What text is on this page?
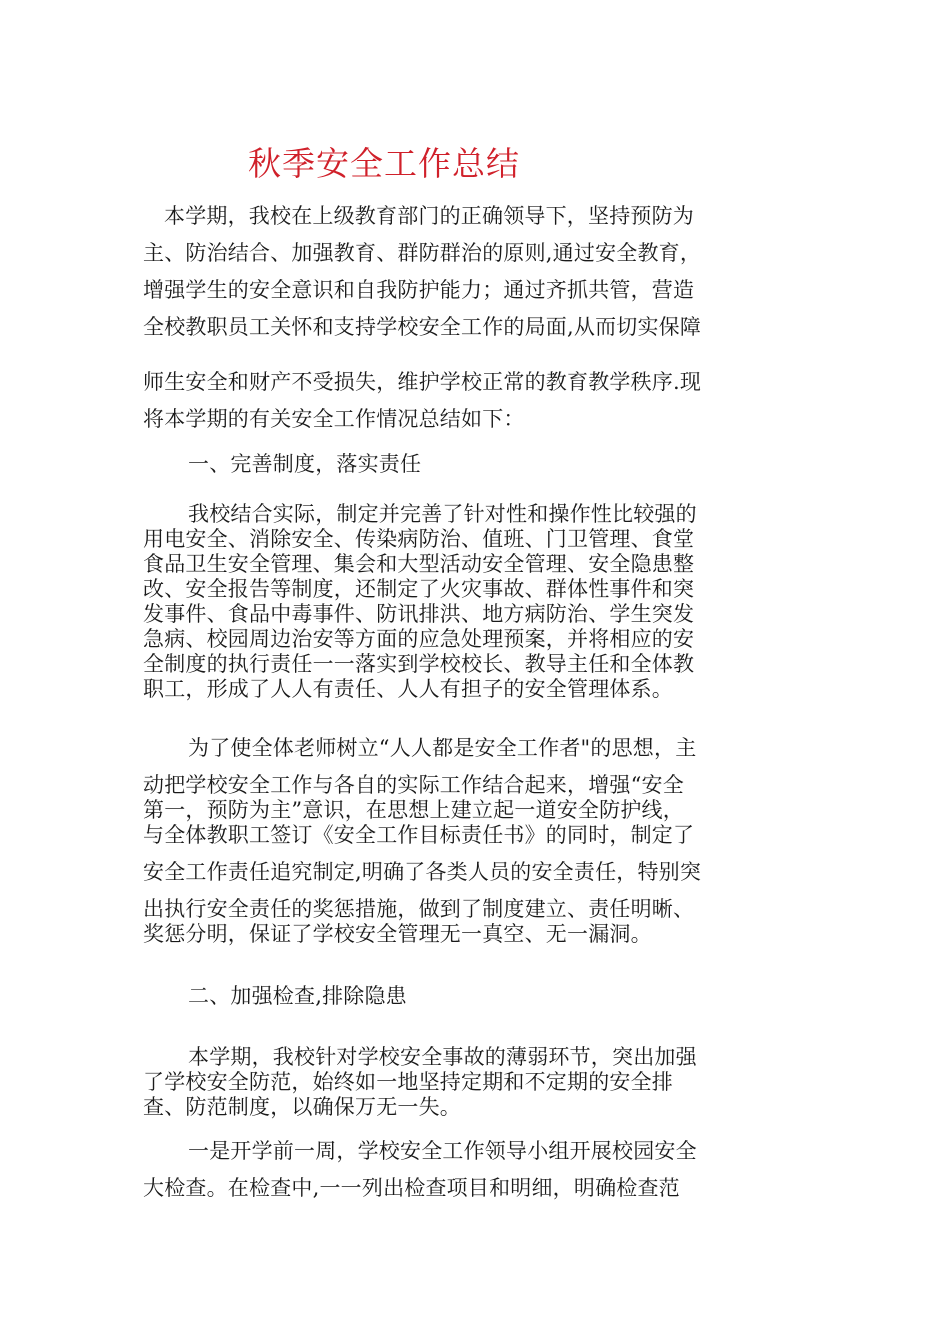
秋季安全工作总结
本学期，我校在上级教育部门的正确领导下，坚持预防为
主、防治结合、加强教育、群防群治的原则,通过安全教育，
增强学生的安全意识和自我防护能力；通过齐抓共管，营造
全校教职员工关怀和支持学校安全工作的局面,从而切实保障
师生安全和财产不受损失，维护学校正常的教育教学秩序.现
将本学期的有关安全工作情况总结如下：
一、完善制度，落实责任
我校结合实际，制定并完善了针对性和操作性比较强的
用电安全、消除安全、传染病防治、值班、门卫管理、食堂
食品卫生安全管理、集会和大型活动安全管理、安全隐患整
改、安全报告等制度，还制定了火灾事故、群体性事件和突
发事件、食品中毒事件、防讯排洪、地方病防治、学生突发
急病、校园周边治安等方面的应急处理预案，并将相应的安
全制度的执行责任一一落实到学校校长、教导主任和全体教
职工，形成了人人有责任、人人有担子的安全管理体系。
为了使全体老师树立“人人都是安全工作者"的思想，主
动把学校安全工作与各自的实际工作结合起来，增强“安全
第一，预防为主”意识，在思想上建立起一道安全防护线，
与全体教职工签订《安全工作目标责任书》的同时，制定了
安全工作责任追究制定,明确了各类人员的安全责任，特别突
出执行安全责任的奖惩措施，做到了制度建立、责任明晰、
奖惩分明，保证了学校安全管理无一真空、无一漏洞。
二、加强检查,排除隐患
本学期，我校针对学校安全事故的薄弱环节，突出加强
了学校安全防范，始终如一地坚持定期和不定期的安全排
查、防范制度，以确保万无一失。
一是开学前一周，学校安全工作领导小组开展校园安全
大检查。在检查中,一一列出检查项目和明细，明确检查范
